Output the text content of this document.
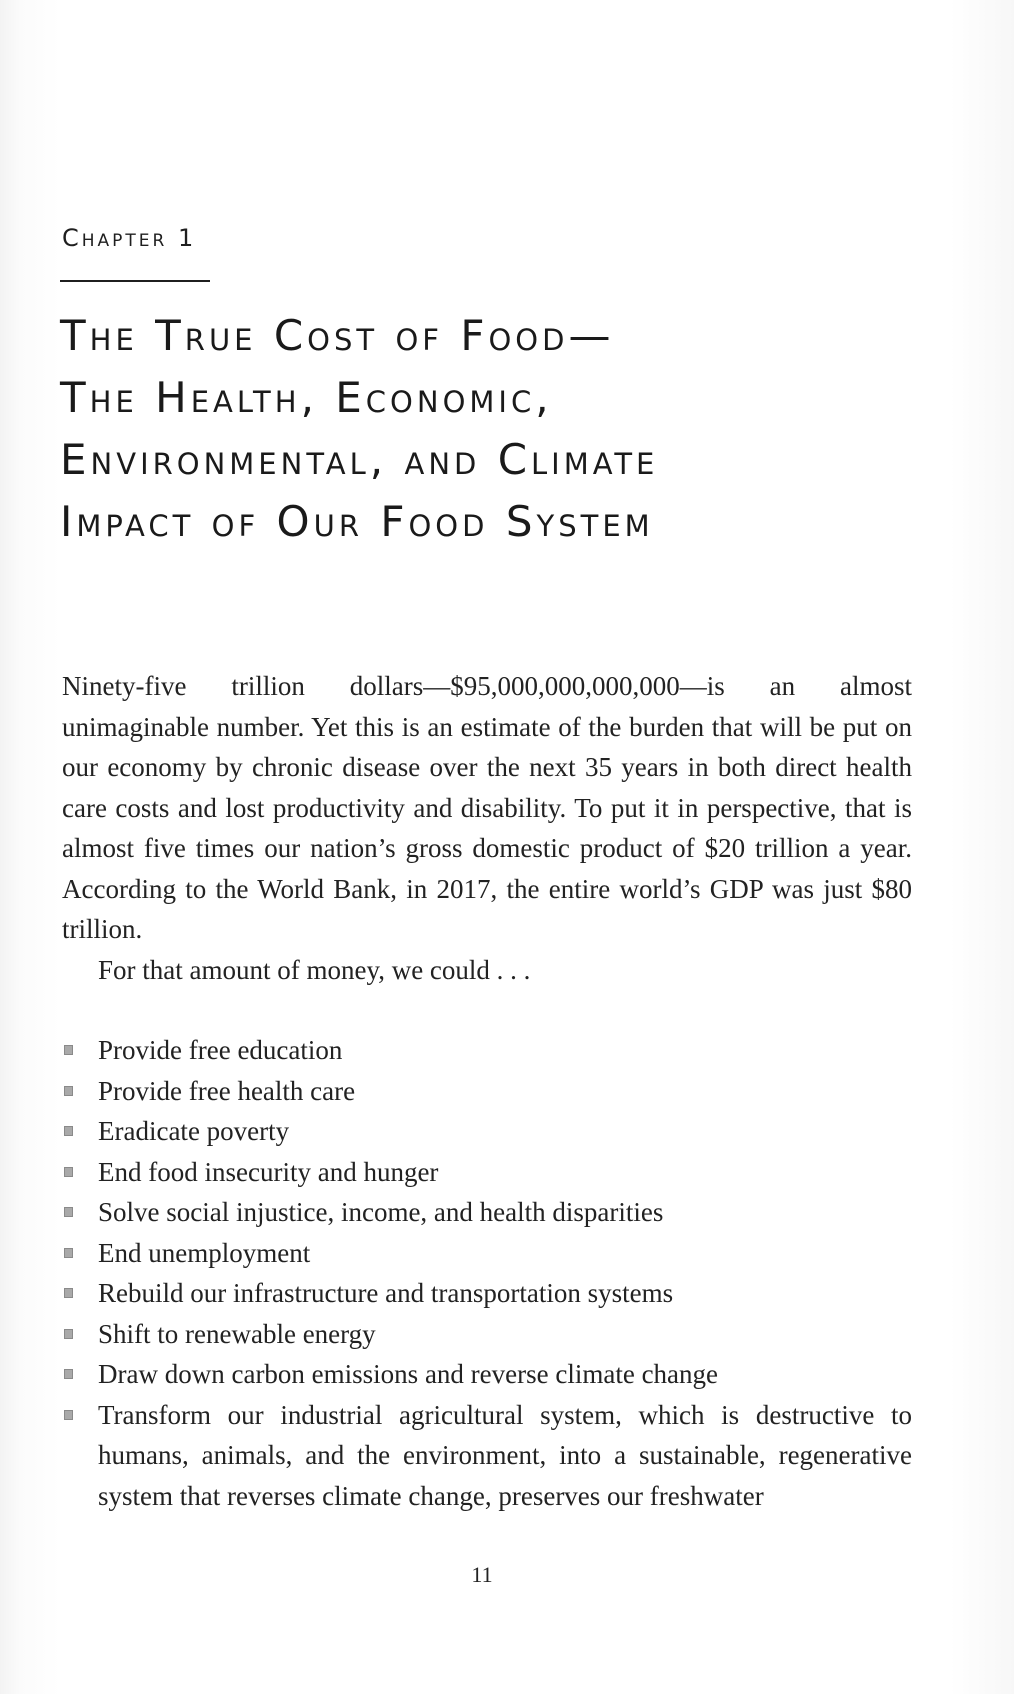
Chapter 1
The True Cost of Food—
The Health, Economic,
Environmental, and Climate
Impact of Our Food System

Ninety-five trillion dollars—$95,000,000,000,000—is an almost unimaginable number. Yet this is an estimate of the burden that will be put on our economy by chronic disease over the next 35 years in both direct health care costs and lost productivity and disability. To put it in perspective, that is almost five times our nation’s gross domestic product of $20 trillion a year. According to the World Bank, in 2017, the entire world’s GDP was just $80 trillion.

For that amount of money, we could . . .

Provide free education
Provide free health care
Eradicate poverty
End food insecurity and hunger
Solve social injustice, income, and health disparities
End unemployment
Rebuild our infrastructure and transportation systems
Shift to renewable energy
Draw down carbon emissions and reverse climate change
Transform our industrial agricultural system, which is destructive to humans, animals, and the environment, into a sustainable, regenerative system that reverses climate change, preserves our freshwater
11
